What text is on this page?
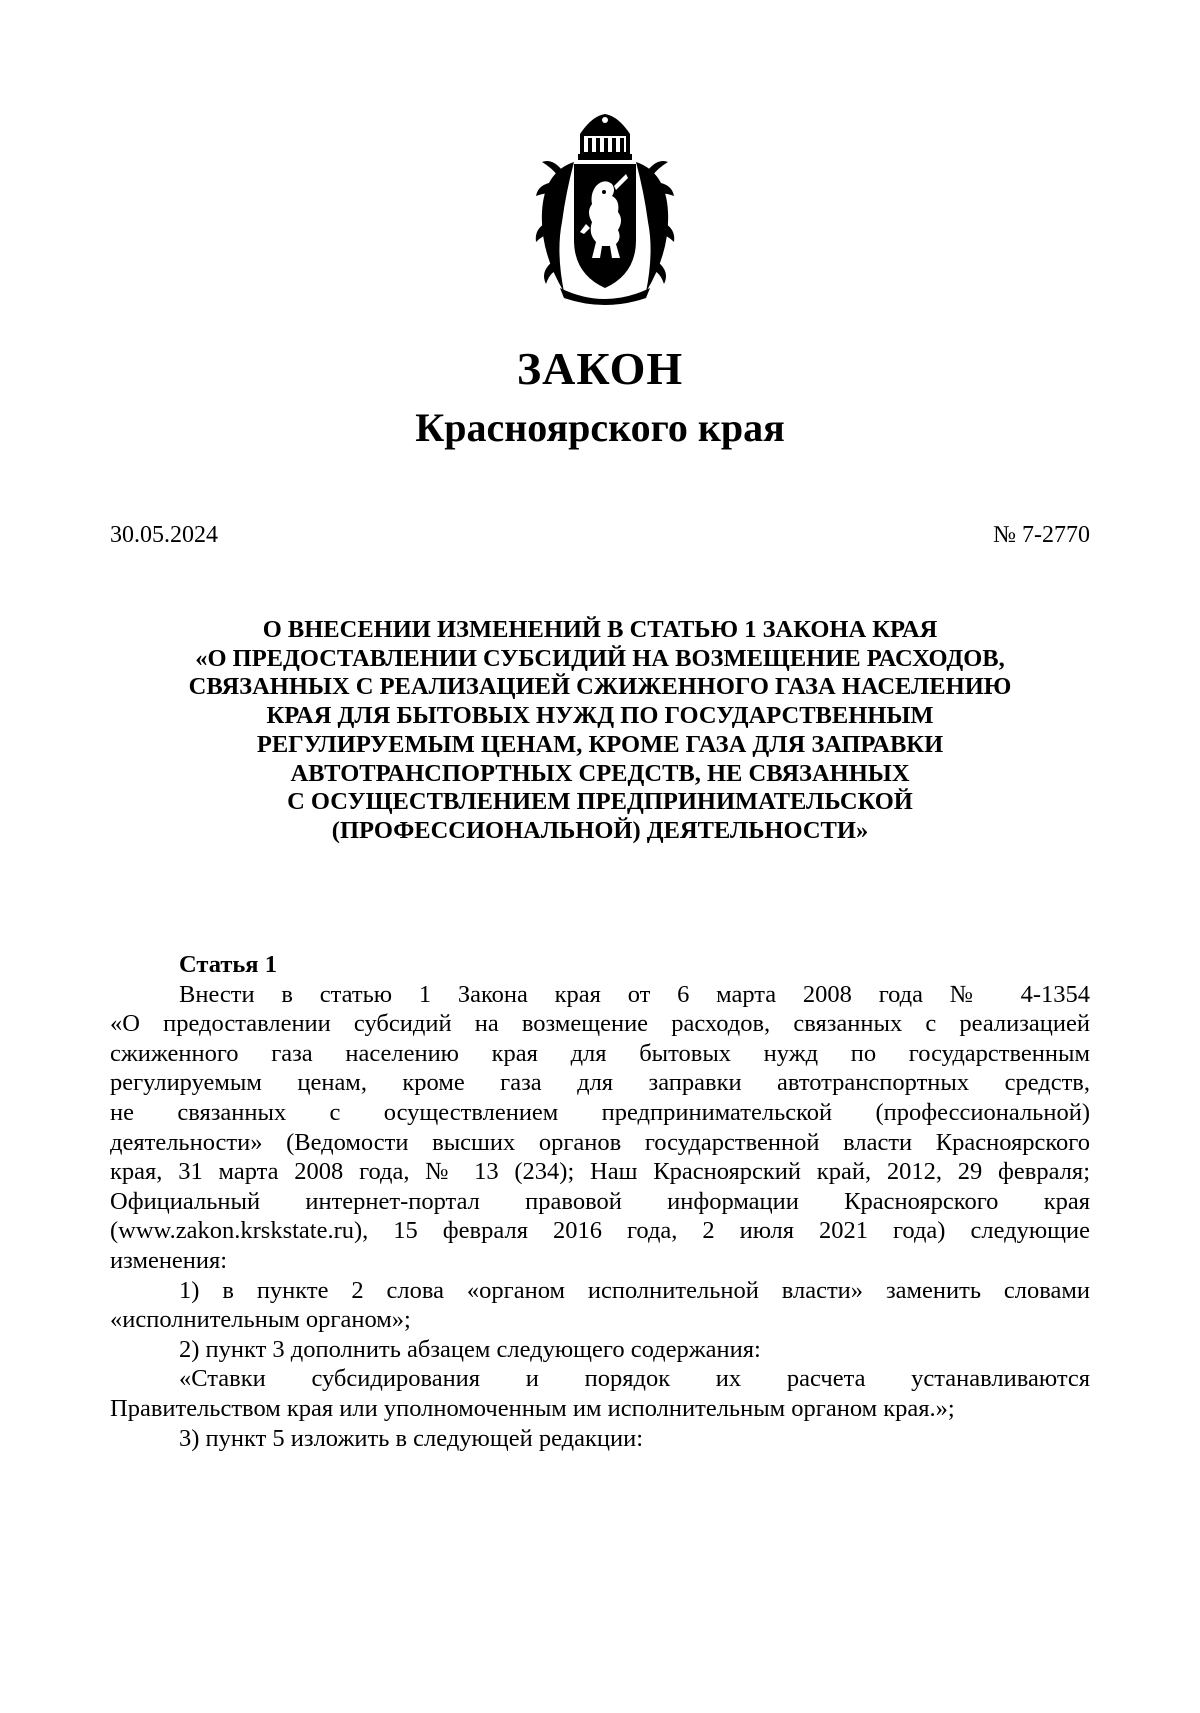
ЗАКОН
Красноярского края
30.05.2024	№ 7-2770
О ВНЕСЕНИИ ИЗМЕНЕНИЙ В СТАТЬЮ 1 ЗАКОНА КРАЯ
«О ПРЕДОСТАВЛЕНИИ СУБСИДИЙ НА ВОЗМЕЩЕНИЕ РАСХОДОВ,
СВЯЗАННЫХ С РЕАЛИЗАЦИЕЙ СЖИЖЕННОГО ГАЗА НАСЕЛЕНИЮ
КРАЯ ДЛЯ БЫТОВЫХ НУЖД ПО ГОСУДАРСТВЕННЫМ
РЕГУЛИРУЕМЫМ ЦЕНАМ, КРОМЕ ГАЗА ДЛЯ ЗАПРАВКИ
АВТОТРАНСПОРТНЫХ СРЕДСТВ, НЕ СВЯЗАННЫХ
С ОСУЩЕСТВЛЕНИЕМ ПРЕДПРИНИМАТЕЛЬСКОЙ
(ПРОФЕССИОНАЛЬНОЙ) ДЕЯТЕЛЬНОСТИ»
Статья 1
Внести в статью 1 Закона края от 6 марта 2008 года № 4-1354
«О предоставлении субсидий на возмещение расходов, связанных с реализацией
сжиженного газа населению края для бытовых нужд по государственным
регулируемым ценам, кроме газа для заправки автотранспортных средств,
не связанных с осуществлением предпринимательской (профессиональной)
деятельности» (Ведомости высших органов государственной власти Красноярского
края, 31 марта 2008 года, № 13 (234); Наш Красноярский край, 2012, 29 февраля;
Официальный интернет-портал правовой информации Красноярского края
(www.zakon.krskstate.ru), 15 февраля 2016 года, 2 июля 2021 года) следующие
изменения:
1) в пункте 2 слова «органом исполнительной власти» заменить словами
«исполнительным органом»;
2) пункт 3 дополнить абзацем следующего содержания:
«Ставки субсидирования и порядок их расчета устанавливаются
Правительством края или уполномоченным им исполнительным органом края.»;
3) пункт 5 изложить в следующей редакции:
